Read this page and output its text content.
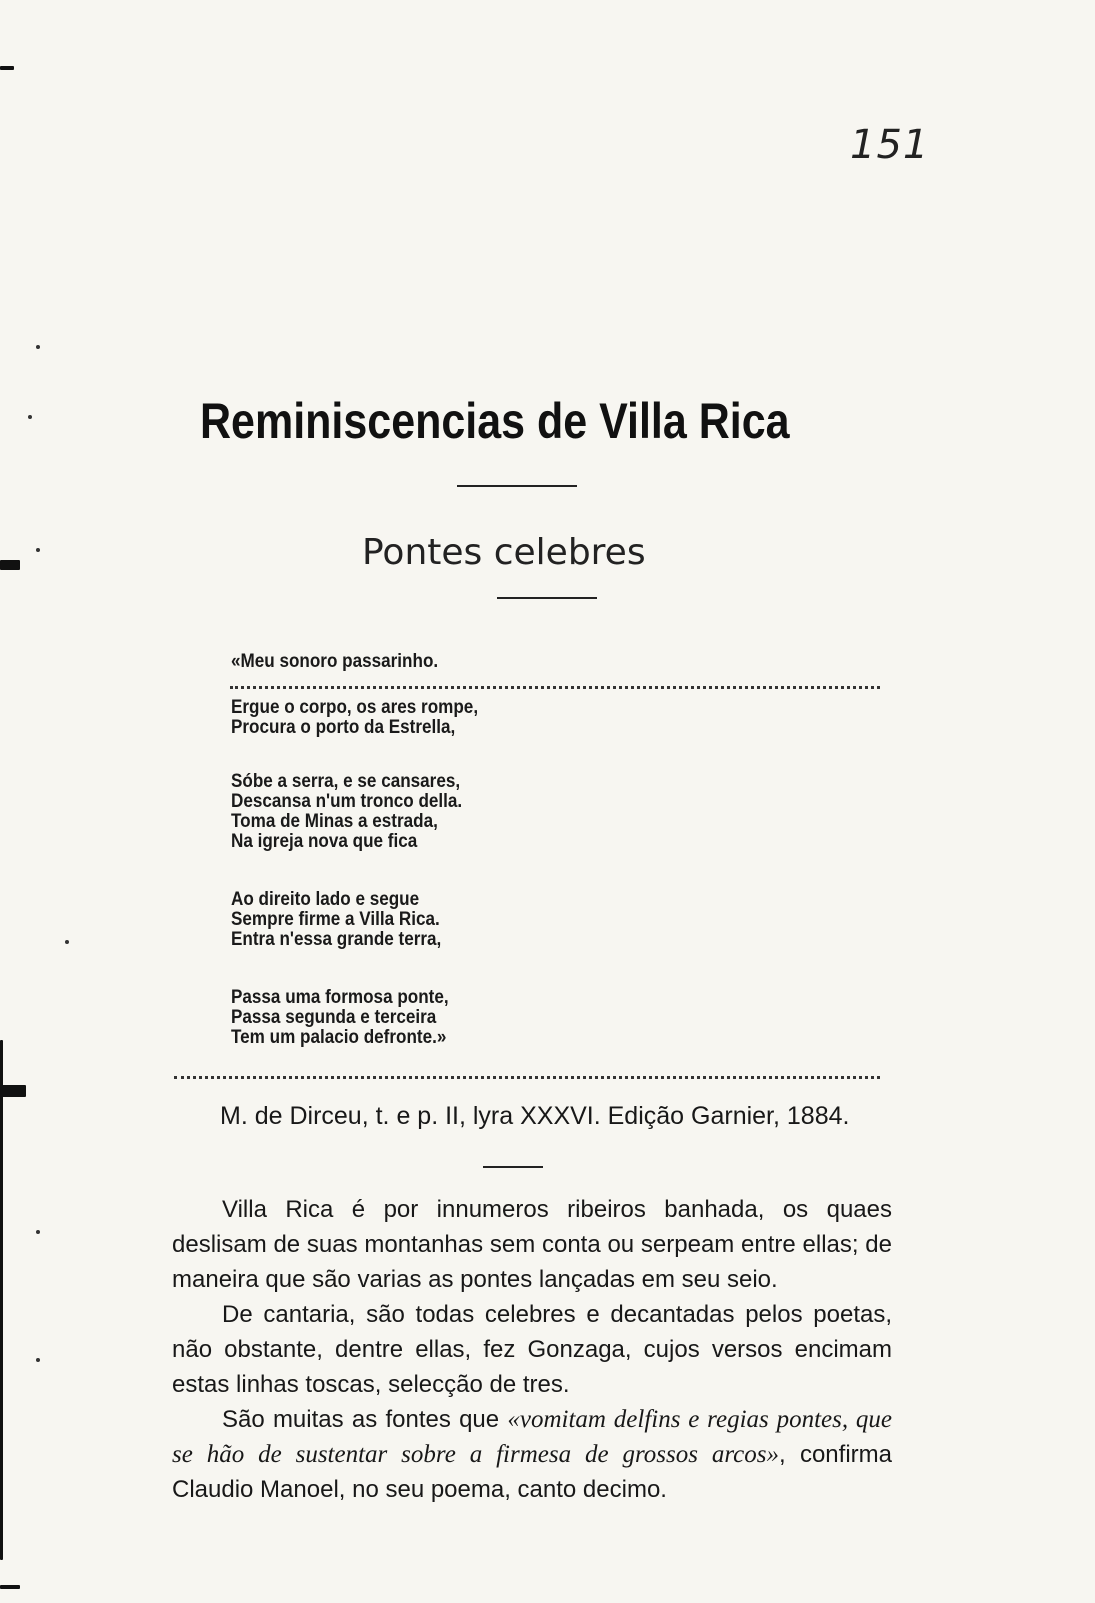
151
Reminiscencias de Villa Rica
Pontes celebres
«Meu sonoro passarinho.
Ergue o corpo, os ares rompe,
Procura o porto da Estrella,
Sóbe a serra, e se cansares,
Descansa n'um tronco della.
Toma de Minas a estrada,
Na igreja nova que fica
Ao direito lado e segue
Sempre firme a Villa Rica.
Entra n'essa grande terra,
Passa uma formosa ponte,
Passa segunda e terceira
Tem um palacio defronte.»
M. de Dirceu, t. e p. II, lyra XXXVI. Edição Garnier, 1884.

Villa Rica é por innumeros ribeiros banhada, os quaes deslisam de suas montanhas sem conta ou serpeam entre ellas; de maneira que são varias as pontes lançadas em seu seio.

De cantaria, são todas celebres e decantadas pelos poetas, não obstante, dentre ellas, fez Gonzaga, cujos versos encimam estas linhas toscas, selecção de tres.

São muitas as fontes que «vomitam delfins e regias pontes, que se hão de sustentar sobre a firmesa de grossos arcos», confirma Claudio Manoel, no seu poema, canto decimo.
